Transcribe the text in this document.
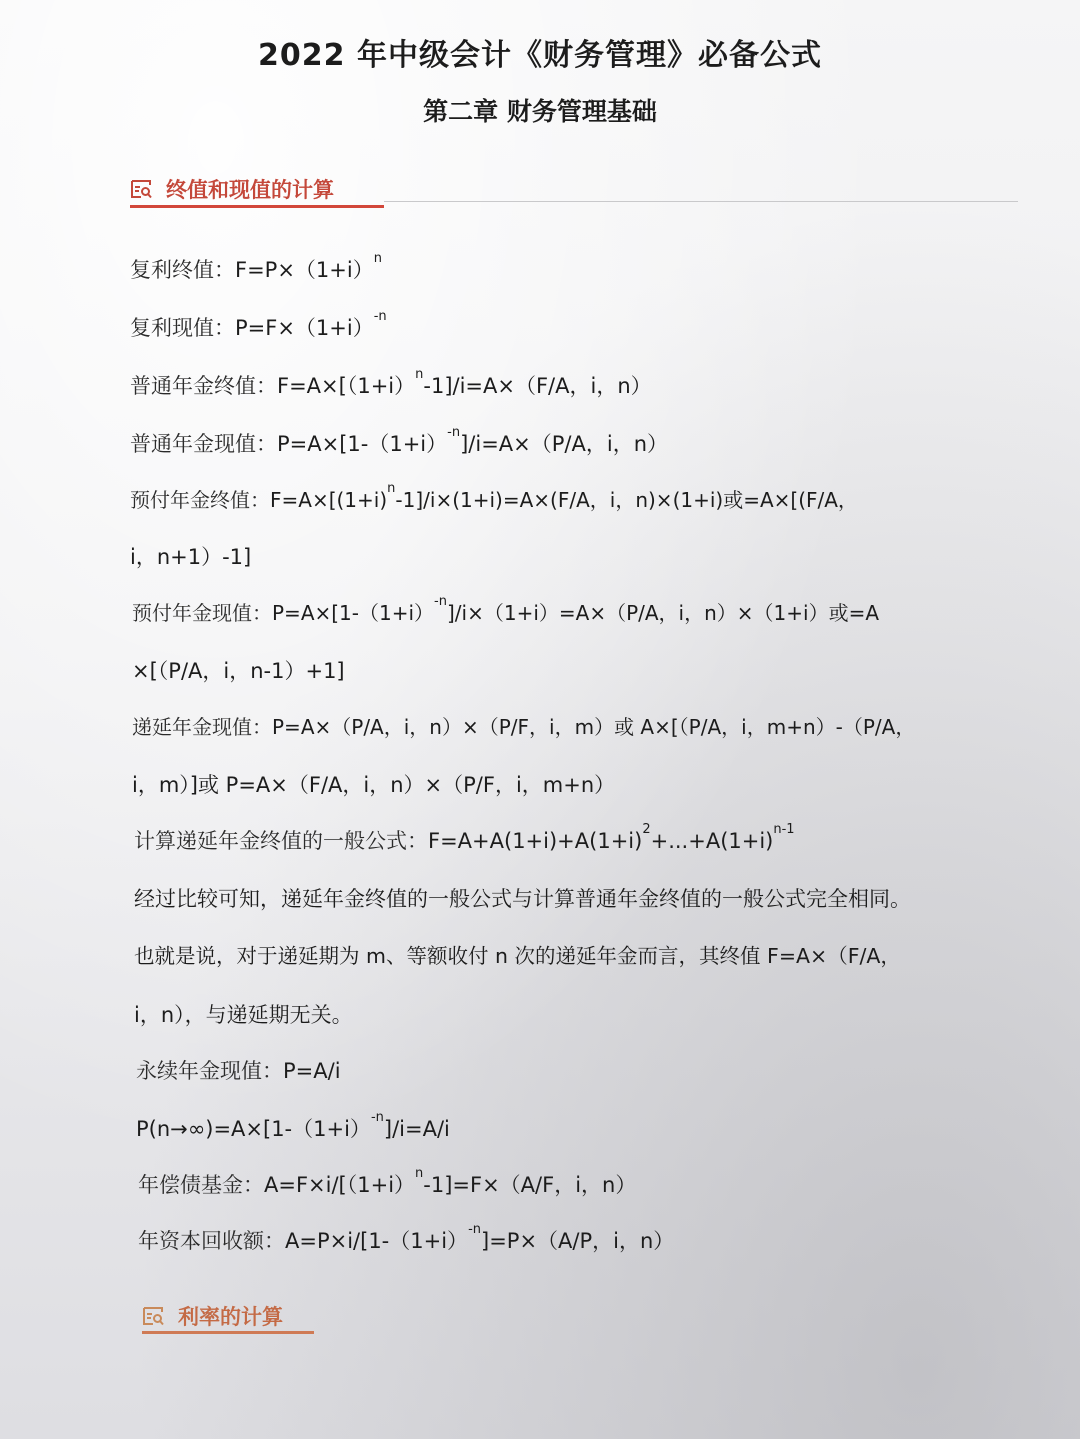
2022 年中级会计《财务管理》必备公式
第二章 财务管理基础
终值和现值的计算

复利终值：$F=P\times(1+i)^n$

复利现值：$P=F\times(1+i)^{-n}$

普通年金终值：$F=A\times[(1+i)^n-1]/i=A\times(F/A$，i，n）

普通年金现值：$P=A\times[1-(1+i)^{-n}]/i=A\times(P/A$，i，n）

预付年金终值：$F=A\times[(1+i)^n-1]/i\times(1+i)=A\times(F/A$，i，n)×(1+i)或=A×[(F/A，

i，n+1）-1]

预付年金现值：$P=A\times[1-(1+i)^{-n}]/i\times(1+i)=A\times(P/A$，i，n）×（1+i）或=A

×[（P/A，i，n-1）+1]

递延年金现值：P=A×（P/A，i，n）×（P/F，i，m）或 A×[（P/A，i，m+n）-（P/A，

i，m）]或 P=A×（F/A，i，n）×（P/F，i，m+n）

计算递延年金终值的一般公式：$F=A+A(1+i)+A(1+i)^2+...+A(1+i)^{n-1}$

经过比较可知，递延年金终值的一般公式与计算普通年金终值的一般公式完全相同。

也就是说，对于递延期为 m、等额收付 n 次的递延年金而言，其终值 F=A×（F/A，

i，n），与递延期无关。

永续年金现值：P=A/i

$P(n\to\infty)=A\times[1-(1+i)^{-n}]/i=A/i$

年偿债基金：$A=F\times i/[(1+i)^n-1]=F\times(A/F$，i，n）

年资本回收额：$A=P\times i/[1-(1+i)^{-n}]=P\times(A/P$，i，n）

利率的计算
